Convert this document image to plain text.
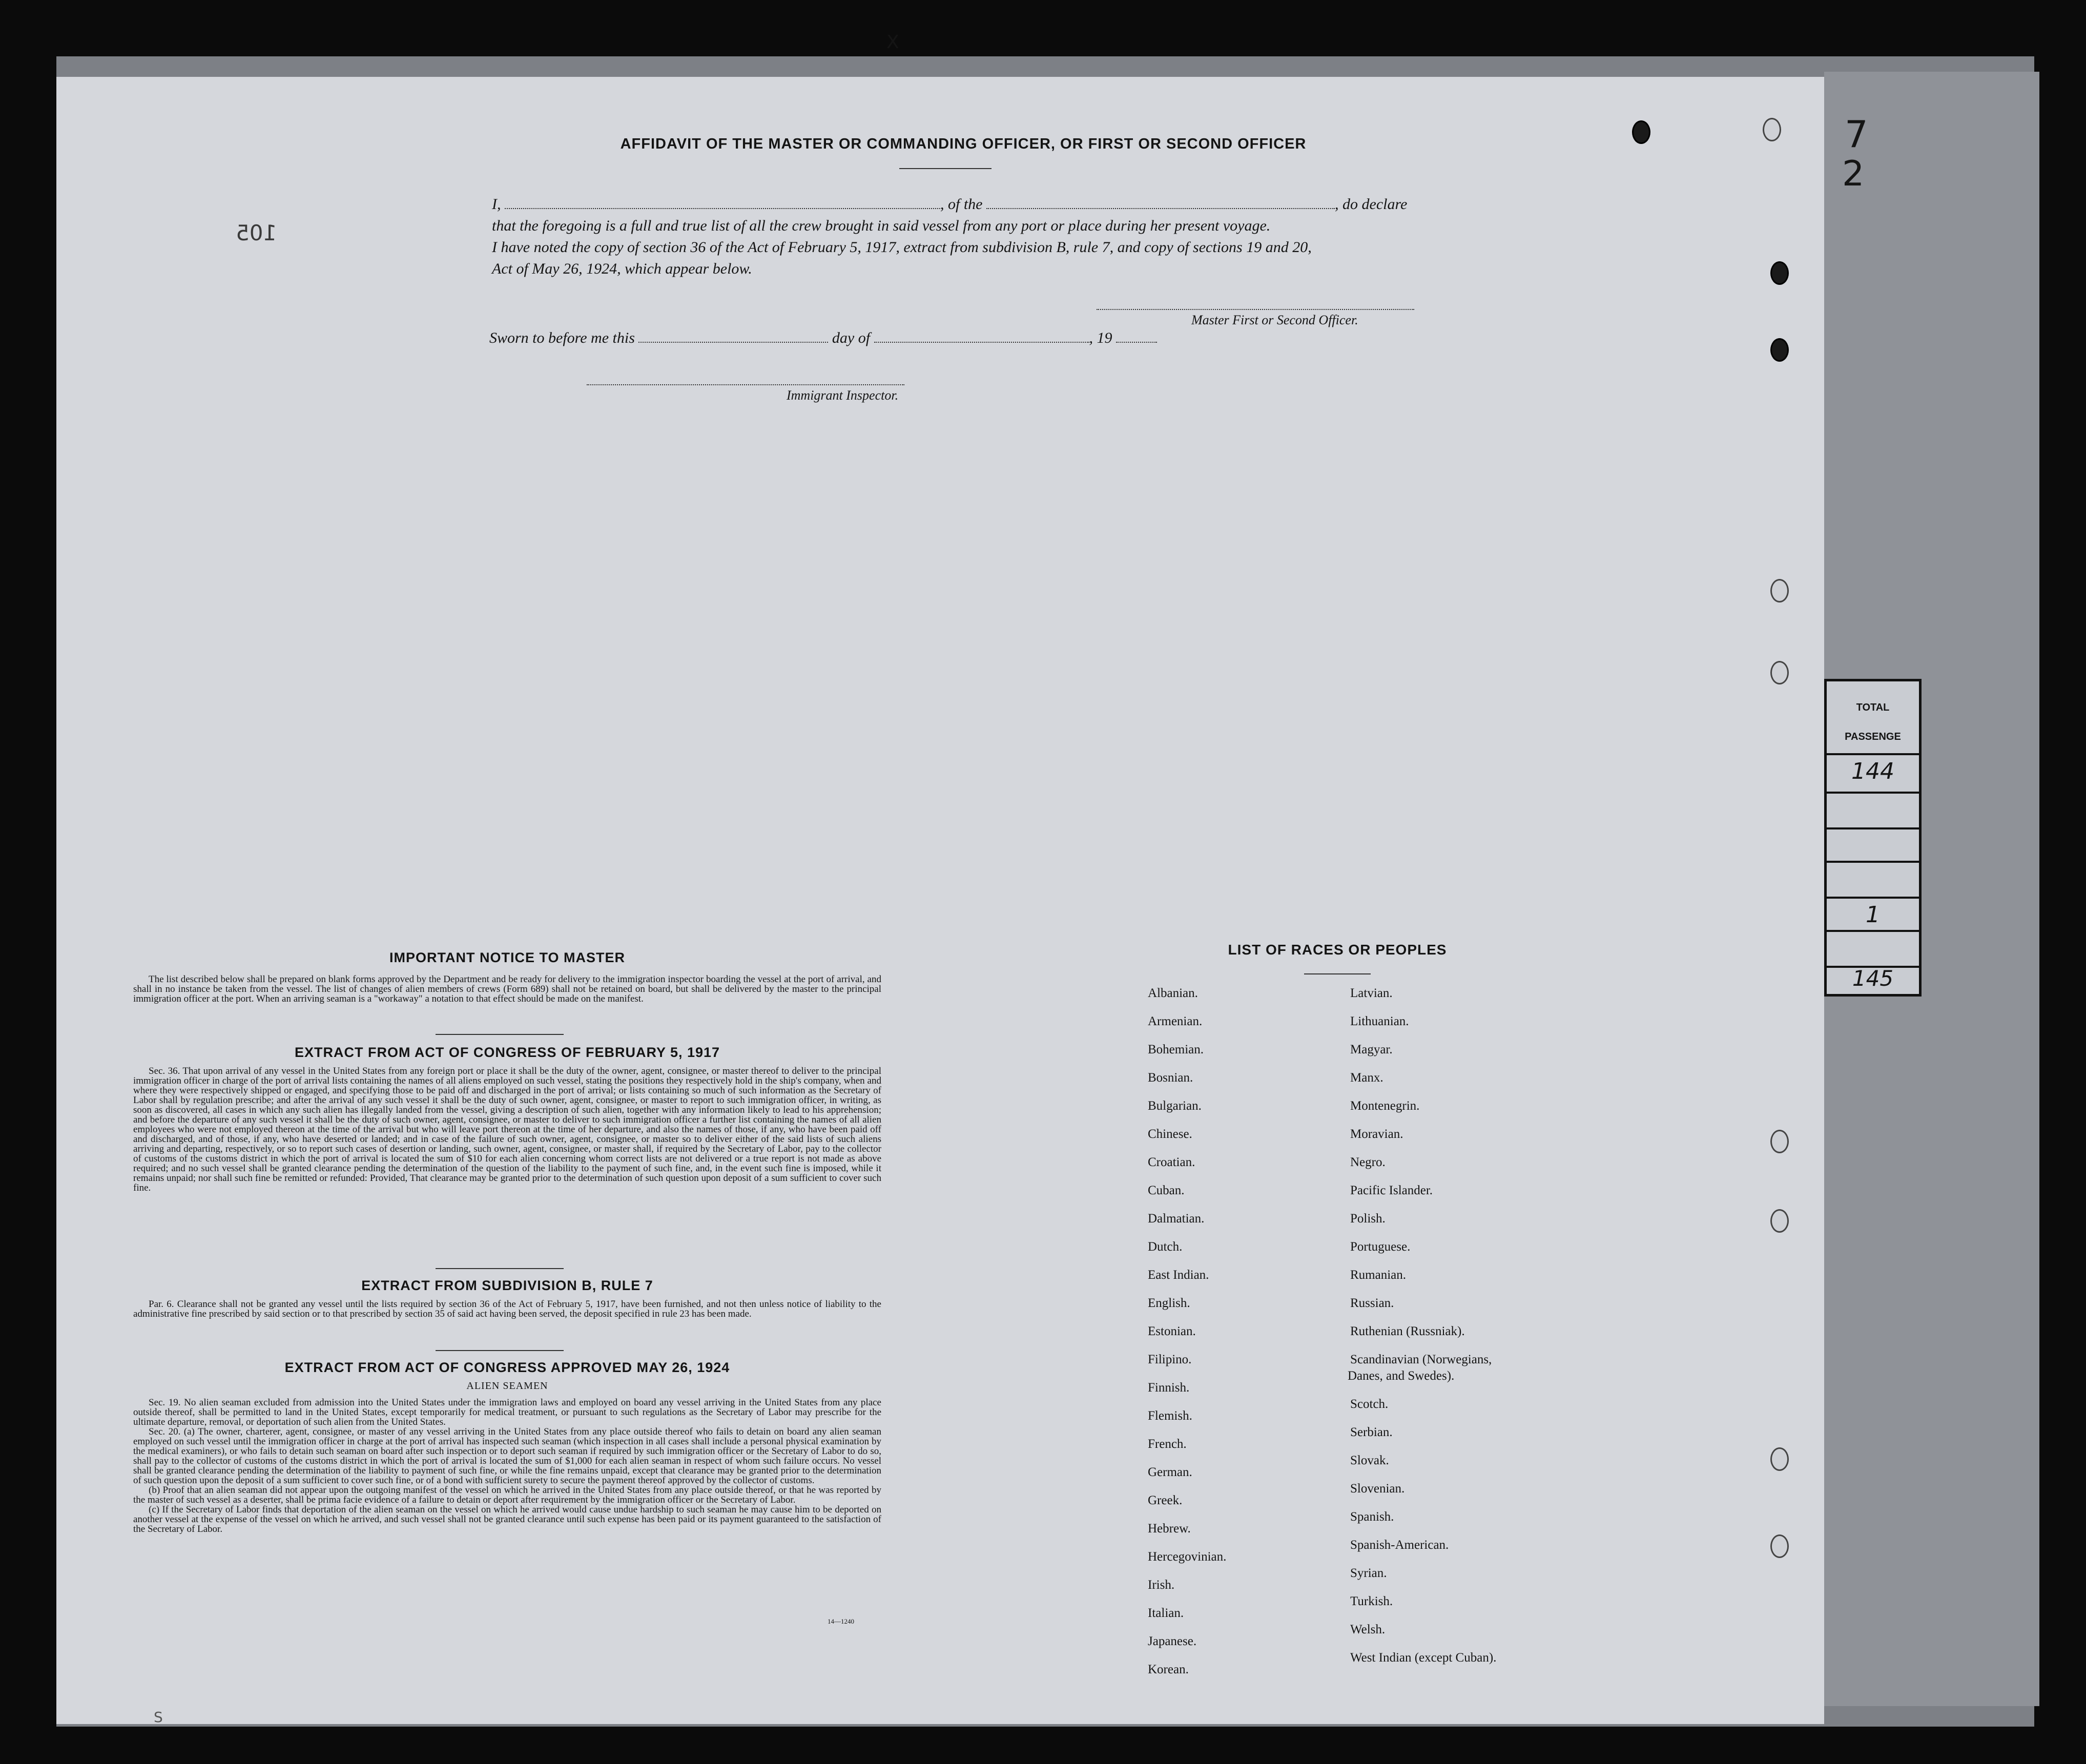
X
7
2
105
AFFIDAVIT OF THE MASTER OR COMMANDING OFFICER, OR FIRST OR SECOND OFFICER

I,	, of the	, do declare

that the foregoing is a full and true list of all the crew brought in said vessel from any port or place during her present voyage.

I have noted the copy of section 36 of the Act of February 5, 1917, extract from subdivision B, rule 7, and copy of sections 19 and 20,

Act of May 26, 1924, which appear below.

Master First or Second Officer.
Sworn to before me this	day of	, 19
Immigrant Inspector.
IMPORTANT NOTICE TO MASTER

The list described below shall be prepared on blank forms approved by the Department and be ready for delivery to the immigration inspector boarding the vessel at the port of arrival, and shall in no instance be taken from the vessel. The list of changes of alien members of crews (Form 689) shall not be retained on board, but shall be delivered by the master to the principal immigration officer at the port. When an arriving seaman is a "workaway" a notation to that effect should be made on the manifest.

EXTRACT FROM ACT OF CONGRESS OF FEBRUARY 5, 1917

Sec. 36. That upon arrival of any vessel in the United States from any foreign port or place it shall be the duty of the owner, agent, consignee, or master thereof to deliver to the principal immigration officer in charge of the port of arrival lists containing the names of all aliens employed on such vessel, stating the positions they respectively hold in the ship's company, when and where they were respectively shipped or engaged, and specifying those to be paid off and discharged in the port of arrival; or lists containing so much of such information as the Secretary of Labor shall by regulation prescribe; and after the arrival of any such vessel it shall be the duty of such owner, agent, consignee, or master to report to such immigration officer, in writing, as soon as discovered, all cases in which any such alien has illegally landed from the vessel, giving a description of such alien, together with any information likely to lead to his apprehension; and before the departure of any such vessel it shall be the duty of such owner, agent, consignee, or master to deliver to such immigration officer a further list containing the names of all alien employees who were not employed thereon at the time of the arrival but who will leave port thereon at the time of her departure, and also the names of those, if any, who have been paid off and discharged, and of those, if any, who have deserted or landed; and in case of the failure of such owner, agent, consignee, or master so to deliver either of the said lists of such aliens arriving and departing, respectively, or so to report such cases of desertion or landing, such owner, agent, consignee, or master shall, if required by the Secretary of Labor, pay to the collector of customs of the customs district in which the port of arrival is located the sum of $10 for each alien concerning whom correct lists are not delivered or a true report is not made as above required; and no such vessel shall be granted clearance pending the determination of the question of the liability to the payment of such fine, and, in the event such fine is imposed, while it remains unpaid; nor shall such fine be remitted or refunded: Provided, That clearance may be granted prior to the determination of such question upon deposit of a sum sufficient to cover such fine.

EXTRACT FROM SUBDIVISION B, RULE 7

Par. 6. Clearance shall not be granted any vessel until the lists required by section 36 of the Act of February 5, 1917, have been furnished, and not then unless notice of liability to the administrative fine prescribed by said section or to that prescribed by section 35 of said act having been served, the deposit specified in rule 23 has been made.

EXTRACT FROM ACT OF CONGRESS APPROVED MAY 26, 1924
ALIEN SEAMEN

Sec. 19. No alien seaman excluded from admission into the United States under the immigration laws and employed on board any vessel arriving in the United States from any place outside thereof, shall be permitted to land in the United States, except temporarily for medical treatment, or pursuant to such regulations as the Secretary of Labor may prescribe for the ultimate departure, removal, or deportation of such alien from the United States.

Sec. 20. (a) The owner, charterer, agent, consignee, or master of any vessel arriving in the United States from any place outside thereof who fails to detain on board any alien seaman employed on such vessel until the immigration officer in charge at the port of arrival has inspected such seaman (which inspection in all cases shall include a personal physical examination by the medical examiners), or who fails to detain such seaman on board after such inspection or to deport such seaman if required by such immigration officer or the Secretary of Labor to do so, shall pay to the collector of customs of the customs district in which the port of arrival is located the sum of $1,000 for each alien seaman in respect of whom such failure occurs. No vessel shall be granted clearance pending the determination of the liability to payment of such fine, or while the fine remains unpaid, except that clearance may be granted prior to the determination of such question upon the deposit of a sum sufficient to cover such fine, or of a bond with sufficient surety to secure the payment thereof approved by the collector of customs.

(b) Proof that an alien seaman did not appear upon the outgoing manifest of the vessel on which he arrived in the United States from any place outside thereof, or that he was reported by the master of such vessel as a deserter, shall be prima facie evidence of a failure to detain or deport after requirement by the immigration officer or the Secretary of Labor.

(c) If the Secretary of Labor finds that deportation of the alien seaman on the vessel on which he arrived would cause undue hardship to such seaman he may cause him to be deported on another vessel at the expense of the vessel on which he arrived, and such vessel shall not be granted clearance until such expense has been paid or its payment guaranteed to the satisfaction of the Secretary of Labor.

14—1240
S
LIST OF RACES OR PEOPLES
Albanian.
Armenian.
Bohemian.
Bosnian.
Bulgarian.
Chinese.
Croatian.
Cuban.
Dalmatian.
Dutch.
East Indian.
English.
Estonian.
Filipino.
Finnish.
Flemish.
French.
German.
Greek.
Hebrew.
Hercegovinian.
Irish.
Italian.
Japanese.
Korean.
Latvian.
Lithuanian.
Magyar.
Manx.
Montenegrin.
Moravian.
Negro.
Pacific Islander.
Polish.
Portuguese.
Rumanian.
Russian.
Ruthenian (Russniak).
Scandinavian (Norwegians,
Danes, and Swedes).
Scotch.
Serbian.
Slovak.
Slovenian.
Spanish.
Spanish-American.
Syrian.
Turkish.
Welsh.
West Indian (except Cuban).
TOTAL
PASSENGE
144
1
145
